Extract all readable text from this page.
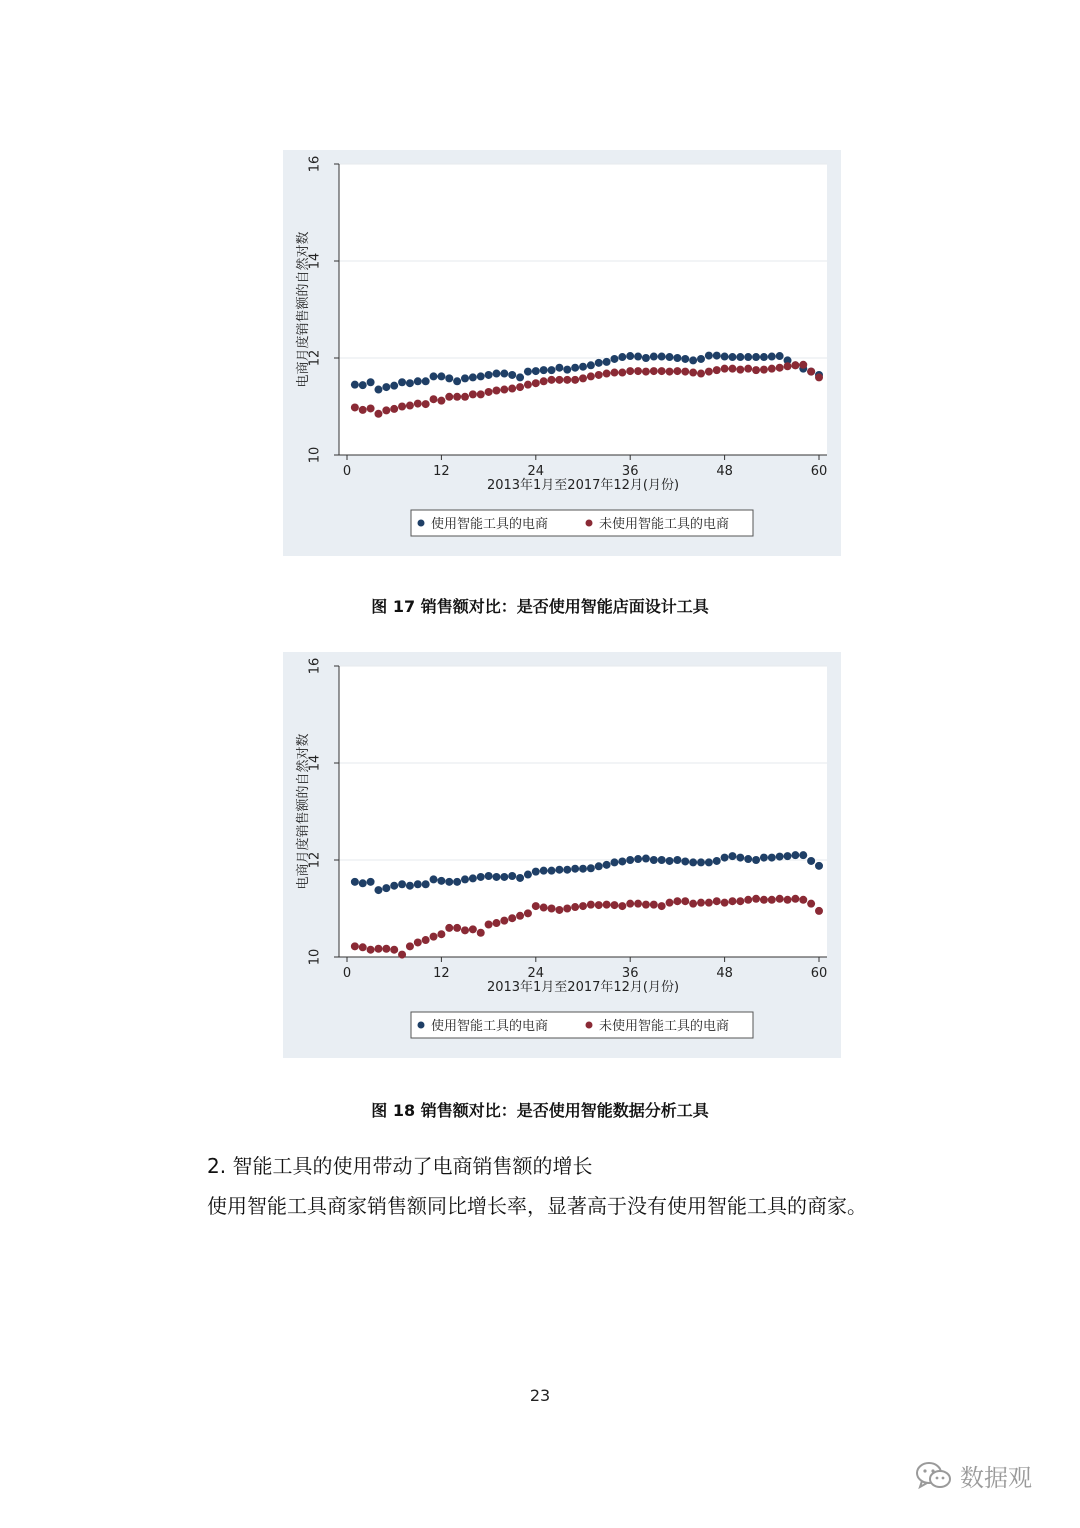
10
12
14
16
0	12	24	36	48	60
2013年1月至2017年12月(月份)
电商月度销售额的自然对数
使用智能工具的电商	未使用智能工具的电商
图 17 销售额对比：是否使用智能店面设计工具
10
12
14
16
0	12	24	36	48	60
2013年1月至2017年12月(月份)
电商月度销售额的自然对数
使用智能工具的电商	未使用智能工具的电商
图 18 销售额对比：是否使用智能数据分析工具
2. 智能工具的使用带动了电商销售额的增长
使用智能工具商家销售额同比增长率，显著高于没有使用智能工具的商家。
23
数据观
